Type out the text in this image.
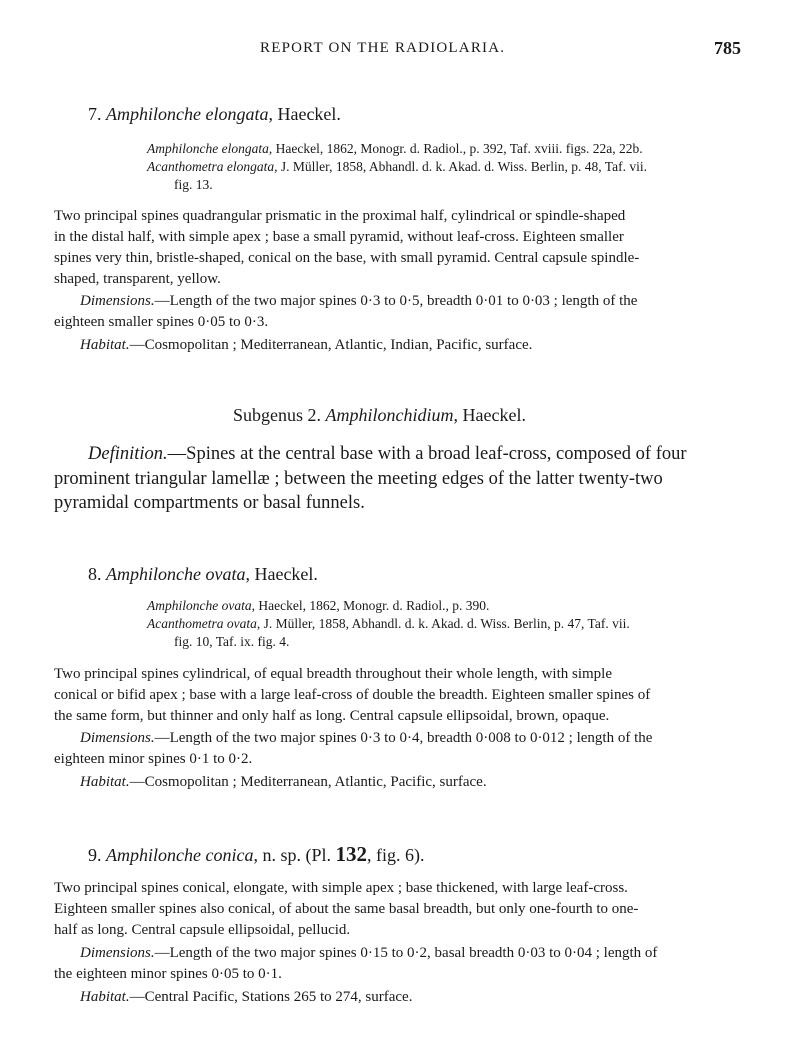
REPORT ON THE RADIOLARIA.	785
7. Amphilonche elongata, Haeckel.
Amphilonche elongata, Haeckel, 1862, Monogr. d. Radiol., p. 392, Taf. xviii. figs. 22a, 22b.
Acanthometra elongata, J. Müller, 1858, Abhandl. d. k. Akad. d. Wiss. Berlin, p. 48, Taf. vii.
fig. 13.
Two principal spines quadrangular prismatic in the proximal half, cylindrical or spindle-shaped
in the distal half, with simple apex ; base a small pyramid, without leaf-cross. Eighteen smaller
spines very thin, bristle-shaped, conical on the base, with small pyramid. Central capsule spindle-
shaped, transparent, yellow.
Dimensions.—Length of the two major spines 0·3 to 0·5, breadth 0·01 to 0·03 ; length of the
eighteen smaller spines 0·05 to 0·3.
Habitat.—Cosmopolitan ; Mediterranean, Atlantic, Indian, Pacific, surface.
Subgenus 2. Amphilonchidium, Haeckel.
Definition.—Spines at the central base with a broad leaf-cross, composed of four
prominent triangular lamellæ ; between the meeting edges of the latter twenty-two
pyramidal compartments or basal funnels.
8. Amphilonche ovata, Haeckel.
Amphilonche ovata, Haeckel, 1862, Monogr. d. Radiol., p. 390.
Acanthometra ovata, J. Müller, 1858, Abhandl. d. k. Akad. d. Wiss. Berlin, p. 47, Taf. vii.
fig. 10, Taf. ix. fig. 4.
Two principal spines cylindrical, of equal breadth throughout their whole length, with simple
conical or bifid apex ; base with a large leaf-cross of double the breadth. Eighteen smaller spines of
the same form, but thinner and only half as long. Central capsule ellipsoidal, brown, opaque.
Dimensions.—Length of the two major spines 0·3 to 0·4, breadth 0·008 to 0·012 ; length of the
eighteen minor spines 0·1 to 0·2.
Habitat.—Cosmopolitan ; Mediterranean, Atlantic, Pacific, surface.
9. Amphilonche conica, n. sp. (Pl. 132, fig. 6).
Two principal spines conical, elongate, with simple apex ; base thickened, with large leaf-cross.
Eighteen smaller spines also conical, of about the same basal breadth, but only one-fourth to one-
half as long. Central capsule ellipsoidal, pellucid.
Dimensions.—Length of the two major spines 0·15 to 0·2, basal breadth 0·03 to 0·04 ; length of
the eighteen minor spines 0·05 to 0·1.
Habitat.—Central Pacific, Stations 265 to 274, surface.
